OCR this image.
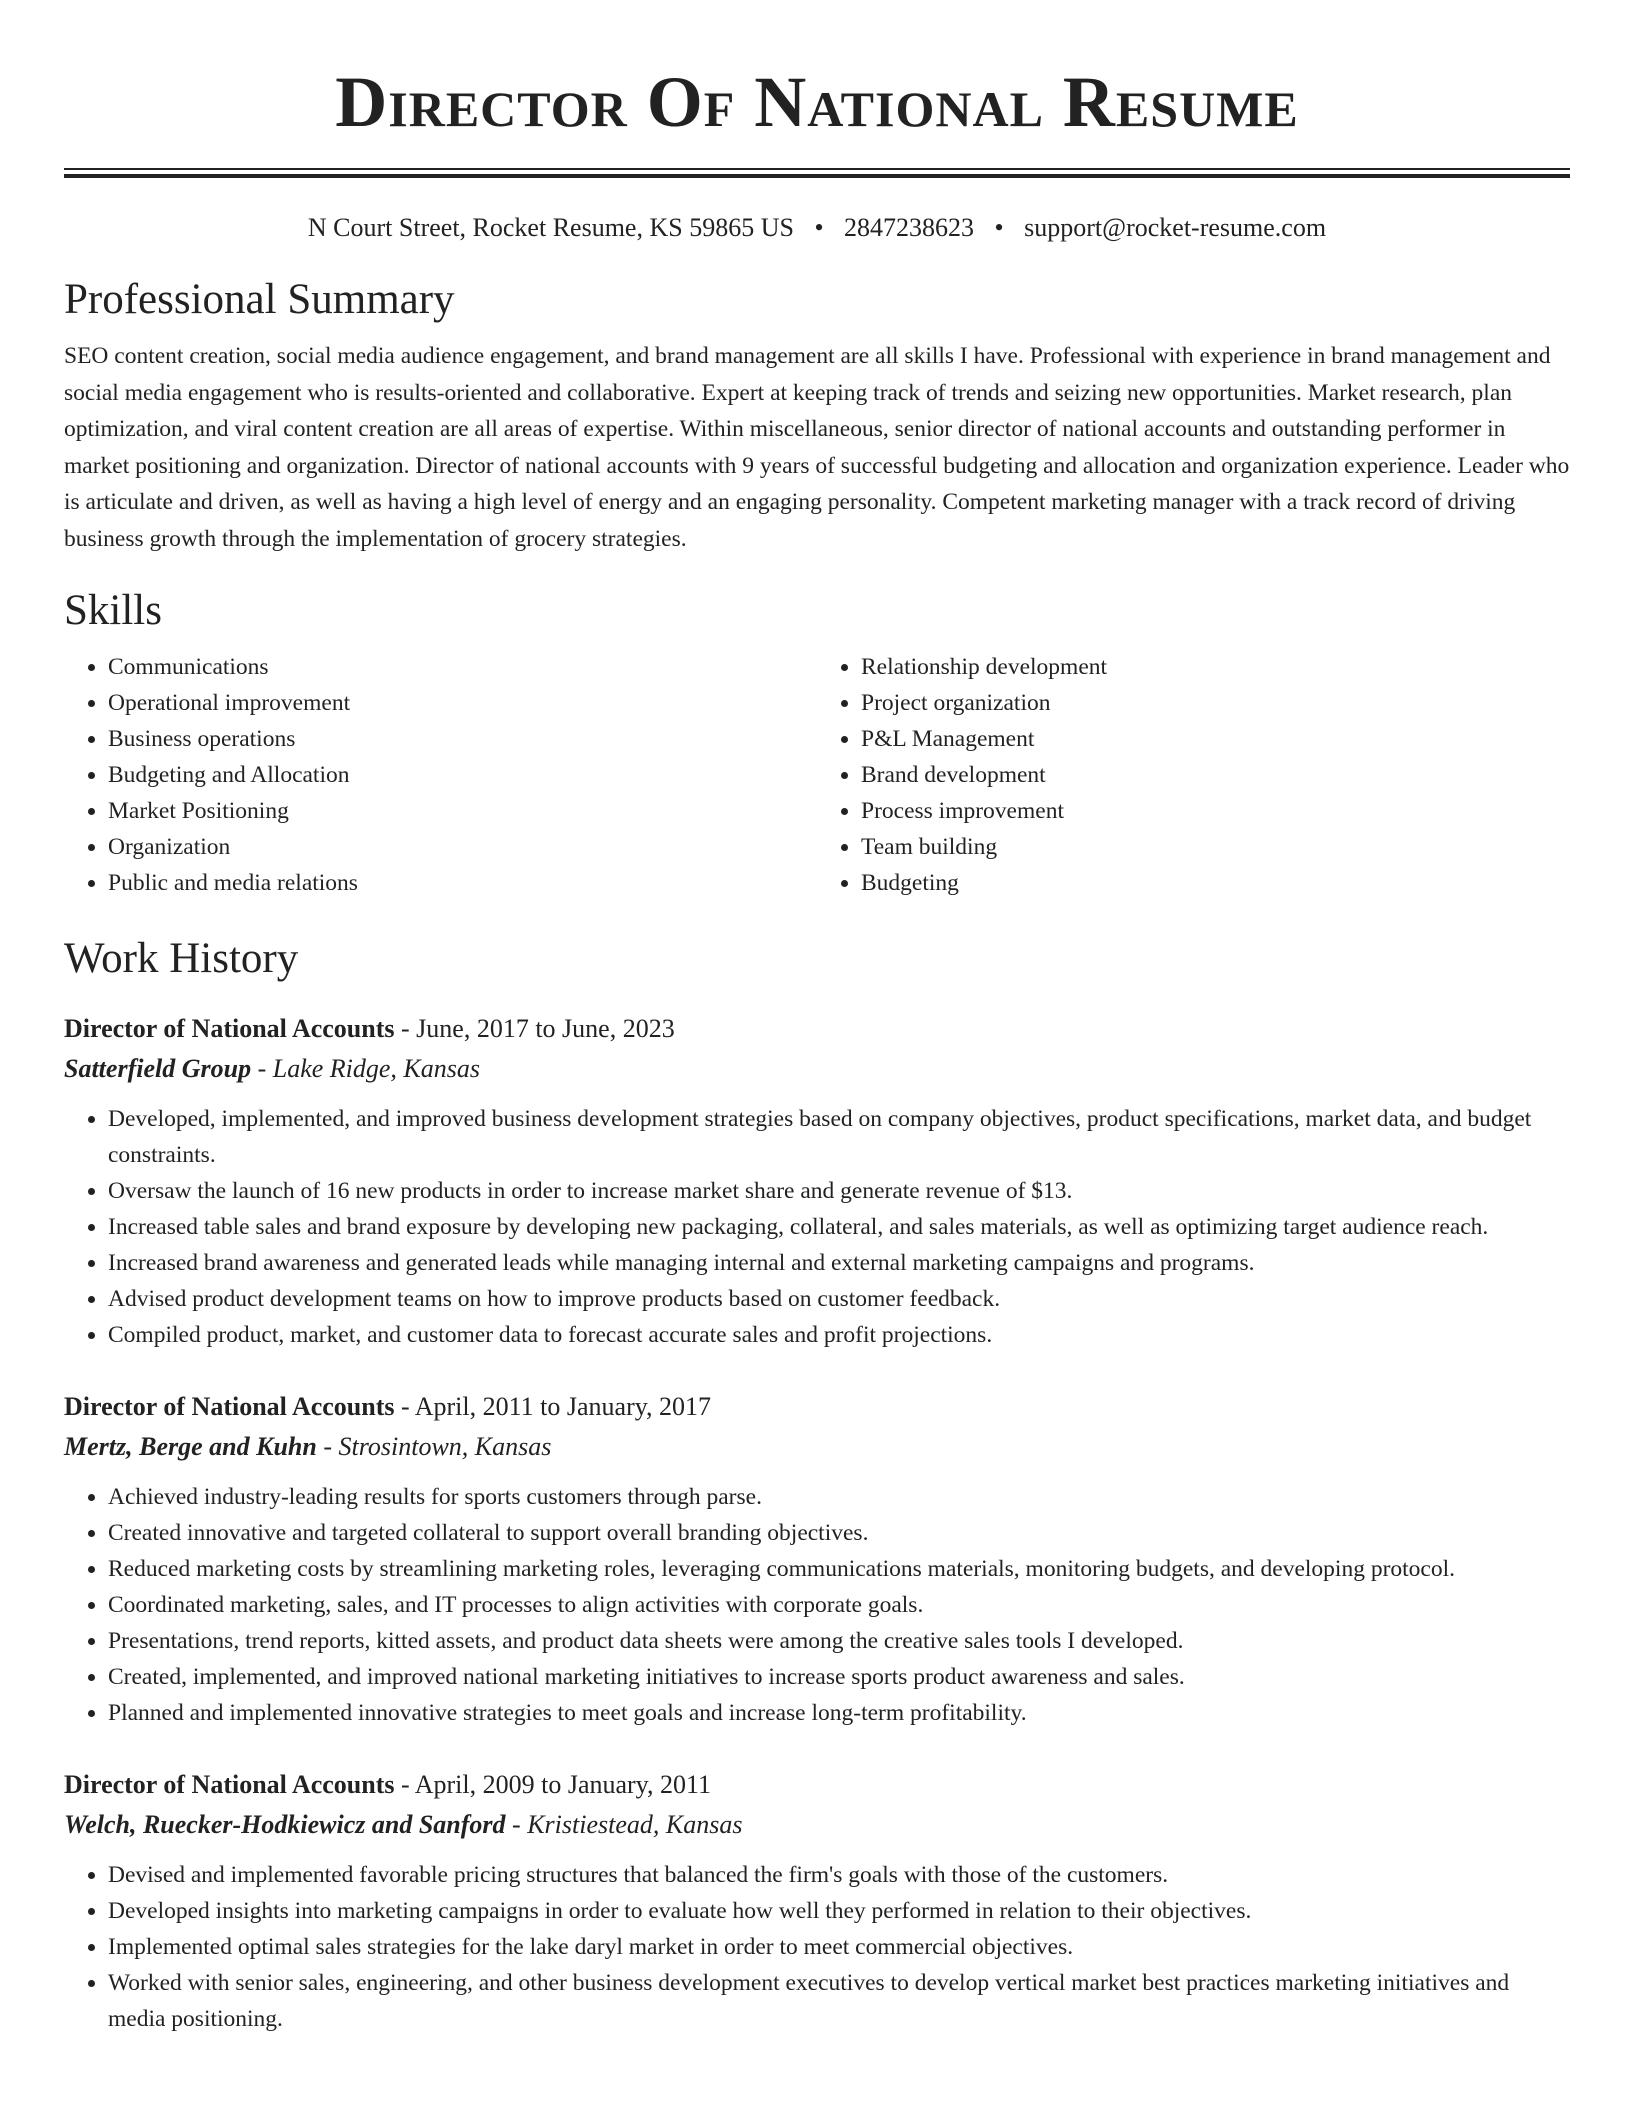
Director Of National Resume
N Court Street, Rocket Resume, KS 59865 US • 2847238623 • support@rocket-resume.com
Professional Summary

SEO content creation, social media audience engagement, and brand management are all skills I have. Professional with experience in brand management and social media engagement who is results-oriented and collaborative. Expert at keeping track of trends and seizing new opportunities. Market research, plan optimization, and viral content creation are all areas of expertise. Within miscellaneous, senior director of national accounts and outstanding performer in market positioning and organization. Director of national accounts with 9 years of successful budgeting and allocation and organization experience. Leader who is articulate and driven, as well as having a high level of energy and an engaging personality. Competent marketing manager with a track record of driving business growth through the implementation of grocery strategies.

Skills
• Communications
• Operational improvement
• Business operations
• Budgeting and Allocation
• Market Positioning
• Organization
• Public and media relations
• Relationship development
• Project organization
• P&L Management
• Brand development
• Process improvement
• Team building
• Budgeting
Work History
Director of National Accounts - June, 2017 to June, 2023
Satterfield Group - Lake Ridge, Kansas
• Developed, implemented, and improved business development strategies based on company objectives, product specifications, market data, and budget constraints.
• Oversaw the launch of 16 new products in order to increase market share and generate revenue of $13.
• Increased table sales and brand exposure by developing new packaging, collateral, and sales materials, as well as optimizing target audience reach.
• Increased brand awareness and generated leads while managing internal and external marketing campaigns and programs.
• Advised product development teams on how to improve products based on customer feedback.
• Compiled product, market, and customer data to forecast accurate sales and profit projections.
Director of National Accounts - April, 2011 to January, 2017
Mertz, Berge and Kuhn - Strosintown, Kansas
• Achieved industry-leading results for sports customers through parse.
• Created innovative and targeted collateral to support overall branding objectives.
• Reduced marketing costs by streamlining marketing roles, leveraging communications materials, monitoring budgets, and developing protocol.
• Coordinated marketing, sales, and IT processes to align activities with corporate goals.
• Presentations, trend reports, kitted assets, and product data sheets were among the creative sales tools I developed.
• Created, implemented, and improved national marketing initiatives to increase sports product awareness and sales.
• Planned and implemented innovative strategies to meet goals and increase long-term profitability.
Director of National Accounts - April, 2009 to January, 2011
Welch, Ruecker-Hodkiewicz and Sanford - Kristiestead, Kansas
• Devised and implemented favorable pricing structures that balanced the firm's goals with those of the customers.
• Developed insights into marketing campaigns in order to evaluate how well they performed in relation to their objectives.
• Implemented optimal sales strategies for the lake daryl market in order to meet commercial objectives.
• Worked with senior sales, engineering, and other business development executives to develop vertical market best practices marketing initiatives and media positioning.
